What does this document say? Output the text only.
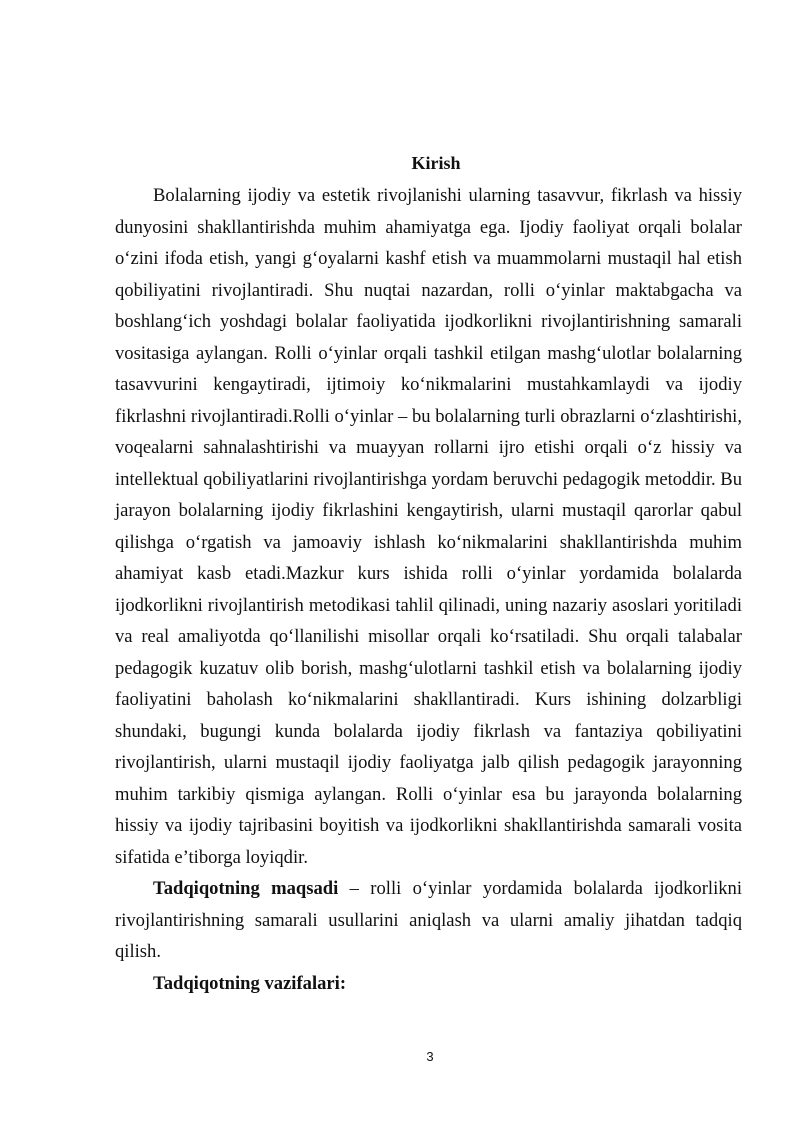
Kirish

Bolalarning ijodiy va estetik rivojlanishi ularning tasavvur, fikrlash va hissiy dunyosini shakllantirishda muhim ahamiyatga ega. Ijodiy faoliyat orqali bolalar o‘zini ifoda etish, yangi g‘oyalarni kashf etish va muammolarni mustaqil hal etish qobiliyatini rivojlantiradi. Shu nuqtai nazardan, rolli o‘yinlar maktabgacha va boshlang‘ich yoshdagi bolalar faoliyatida ijodkorlikni rivojlantirishning samarali vositasiga aylangan. Rolli o‘yinlar orqali tashkil etilgan mashg‘ulotlar bolalarning tasavvurini kengaytiradi, ijtimoiy ko‘nikmalarini mustahkamlaydi va ijodiy fikrlashni rivojlantiradi.Rolli o‘yinlar – bu bolalarning turli obrazlarni o‘zlashtirishi, voqealarni sahnalashtirishi va muayyan rollarni ijro etishi orqali o‘z hissiy va intellektual qobiliyatlarini rivojlantirishga yordam beruvchi pedagogik metoddir. Bu jarayon bolalarning ijodiy fikrlashini kengaytirish, ularni mustaqil qarorlar qabul qilishga o‘rgatish va jamoaviy ishlash ko‘nikmalarini shakllantirishda muhim ahamiyat kasb etadi.Mazkur kurs ishida rolli o‘yinlar yordamida bolalarda ijodkorlikni rivojlantirish metodikasi tahlil qilinadi, uning nazariy asoslari yoritiladi va real amaliyotda qo‘llanilishi misollar orqali ko‘rsatiladi. Shu orqali talabalar pedagogik kuzatuv olib borish, mashg‘ulotlarni tashkil etish va bolalarning ijodiy faoliyatini baholash ko‘nikmalarini shakllantiradi. Kurs ishining dolzarbligi shundaki, bugungi kunda bolalarda ijodiy fikrlash va fantaziya qobiliyatini rivojlantirish, ularni mustaqil ijodiy faoliyatga jalb qilish pedagogik jarayonning muhim tarkibiy qismiga aylangan. Rolli o‘yinlar esa bu jarayonda bolalarning hissiy va ijodiy tajribasini boyitish va ijodkorlikni shakllantirishda samarali vosita sifatida e’tiborga loyiqdir.

Tadqiqotning maqsadi – rolli o‘yinlar yordamida bolalarda ijodkorlikni rivojlantirishning samarali usullarini aniqlash va ularni amaliy jihatdan tadqiq qilish.

Tadqiqotning vazifalari:

3
